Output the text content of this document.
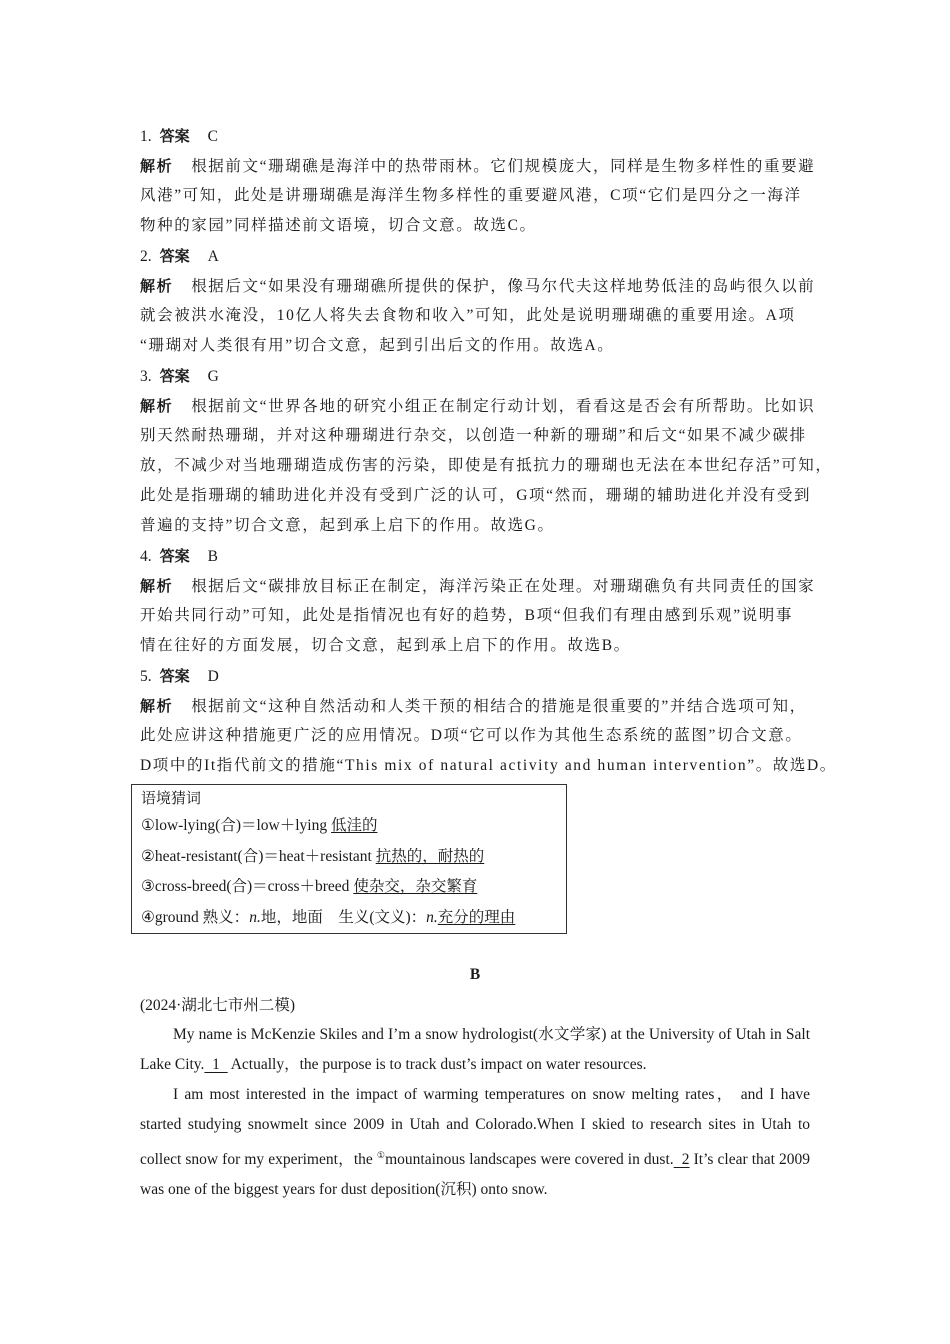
1. 答案 C
解析 根据前文“珊瑚礁是海洋中的热带雨林。它们规模庞大，同样是生物多样性的重要避
风港”可知，此处是讲珊瑚礁是海洋生物多样性的重要避风港，C项“它们是四分之一海洋
物种的家园”同样描述前文语境，切合文意。故选C。
2. 答案 A
解析 根据后文“如果没有珊瑚礁所提供的保护，像马尔代夫这样地势低洼的岛屿很久以前
就会被洪水淹没，10亿人将失去食物和收入”可知，此处是说明珊瑚礁的重要用途。A项
“珊瑚对人类很有用”切合文意，起到引出后文的作用。故选A。
3. 答案 G
解析 根据前文“世界各地的研究小组正在制定行动计划，看看这是否会有所帮助。比如识
别天然耐热珊瑚，并对这种珊瑚进行杂交，以创造一种新的珊瑚”和后文“如果不减少碳排
放，不减少对当地珊瑚造成伤害的污染，即使是有抵抗力的珊瑚也无法在本世纪存活”可知，
此处是指珊瑚的辅助进化并没有受到广泛的认可，G项“然而，珊瑚的辅助进化并没有受到
普遍的支持”切合文意，起到承上启下的作用。故选G。
4. 答案 B
解析 根据后文“碳排放目标正在制定，海洋污染正在处理。对珊瑚礁负有共同责任的国家
开始共同行动”可知，此处是指情况也有好的趋势，B项“但我们有理由感到乐观”说明事
情在往好的方面发展，切合文意，起到承上启下的作用。故选B。
5. 答案 D
解析 根据前文“这种自然活动和人类干预的相结合的措施是很重要的”并结合选项可知，
此处应讲这种措施更广泛的应用情况。D项“它可以作为其他生态系统的蓝图”切合文意。
D项中的It指代前文的措施“This mix of natural activity and human intervention”。故选D。
语境猜词
①low-lying(合)＝low＋lying 低洼的
②heat-resistant(合)＝heat＋resistant 抗热的，耐热的
③cross-breed(合)＝cross＋breed 使杂交，杂交繁育
④ground 熟义：n.地，地面　生义(文义)：n.充分的理由
B
(2024·湖北七市州二模)

My name is McKenzie Skiles and I’m a snow hydrologist(水文学家) at the University of Utah in Salt Lake City.  1   Actually，the purpose is to track dust’s impact on water resources.

I am most interested in the impact of warming temperatures on snow melting rates， and I have started studying snowmelt since 2009 in Utah and Colorado.When I skied to research sites in Utah to collect snow for my experiment，the ①mountainous landscapes were covered in dust.  2 It’s clear that 2009 was one of the biggest years for dust deposition(沉积) onto snow.
